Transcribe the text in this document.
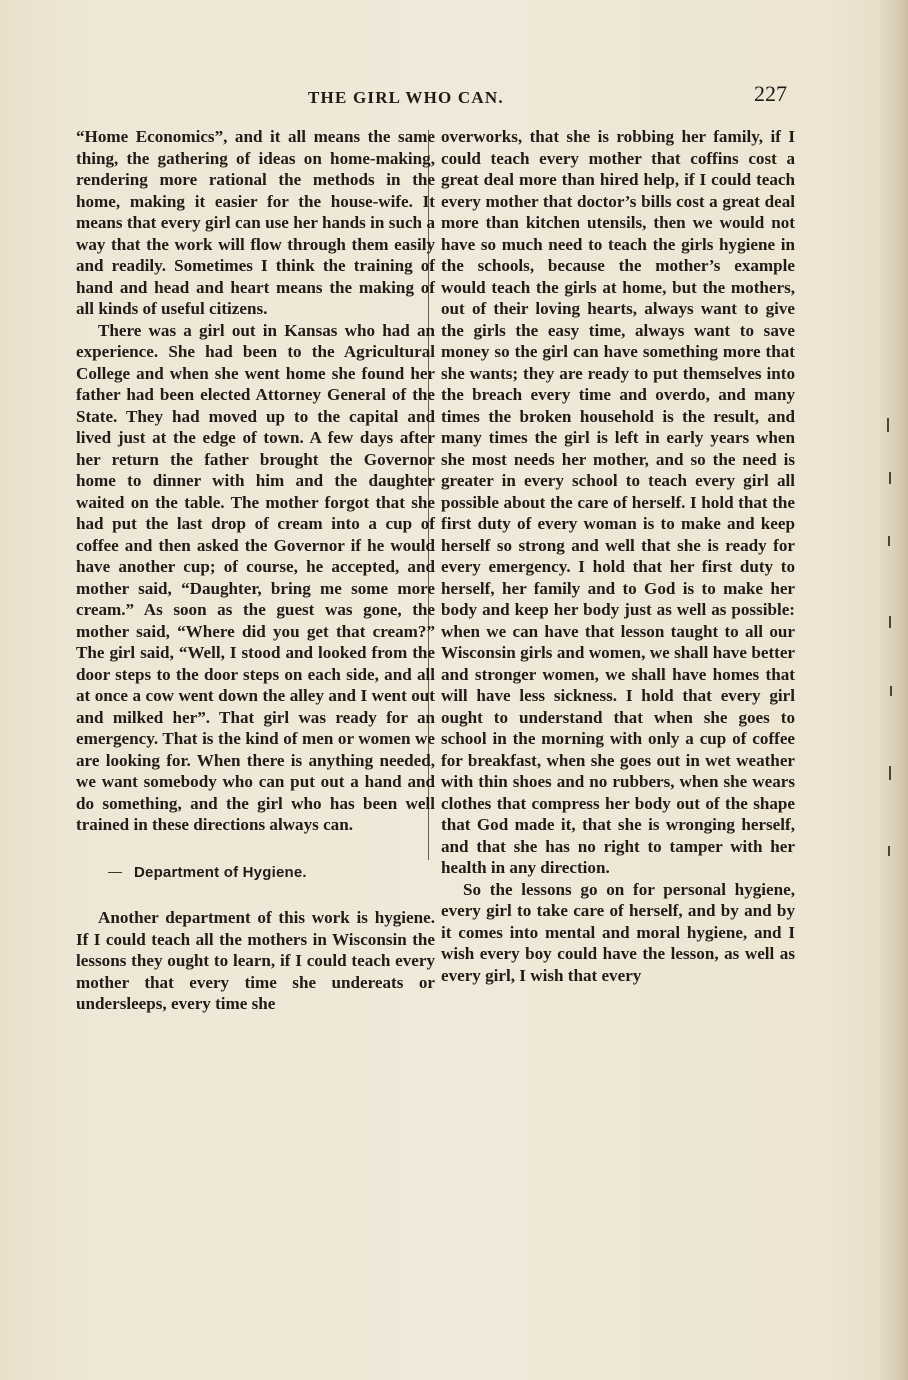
THE GIRL WHO CAN.	227

“Home Economics”, and it all means the same thing, the gathering of ideas on home-making, rendering more rational the methods in the home, making it easier for the house-wife. It means that every girl can use her hands in such a way that the work will flow through them easily and readily. Sometimes I think the training of hand and head and heart means the making of all kinds of useful citizens.

There was a girl out in Kansas who had an experience. She had been to the Agricultural College and when she went home she found her father had been elected Attorney General of the State. They had moved up to the capital and lived just at the edge of town. A few days after her return the father brought the Governor home to dinner with him and the daughter waited on the table. The mother forgot that she had put the last drop of cream into a cup of coffee and then asked the Governor if he would have another cup; of course, he accepted, and mother said, “Daughter, bring me some more cream.” As soon as the guest was gone, the mother said, “Where did you get that cream?” The girl said, “Well, I stood and looked from the door steps to the door steps on each side, and all at once a cow went down the alley and I went out and milked her”. That girl was ready for an emergency. That is the kind of men or women we are looking for. When there is anything needed, we want somebody who can put out a hand and do something, and the girl who has been well trained in these directions always can.

Department of Hygiene.

Another department of this work is hygiene. If I could teach all the mothers in Wisconsin the lessons they ought to learn, if I could teach every mother that every time she undereats or undersleeps, every time she

overworks, that she is robbing her family, if I could teach every mother that coffins cost a great deal more than hired help, if I could teach every mother that doctor’s bills cost a great deal more than kitchen utensils, then we would not have so much need to teach the girls hygiene in the schools, because the mother’s example would teach the girls at home, but the mothers, out of their loving hearts, always want to give the girls the easy time, always want to save money so the girl can have something more that she wants; they are ready to put themselves into the breach every time and overdo, and many times the broken household is the result, and many times the girl is left in early years when she most needs her mother, and so the need is greater in every school to teach every girl all possible about the care of herself. I hold that the first duty of every woman is to make and keep herself so strong and well that she is ready for every emergency. I hold that her first duty to herself, her family and to God is to make her body and keep her body just as well as possible: when we can have that lesson taught to all our Wisconsin girls and women, we shall have better and stronger women, we shall have homes that will have less sickness. I hold that every girl ought to understand that when she goes to school in the morning with only a cup of coffee for breakfast, when she goes out in wet weather with thin shoes and no rubbers, when she wears clothes that compress her body out of the shape that God made it, that she is wronging herself, and that she has no right to tamper with her health in any direction.

So the lessons go on for personal hygiene, every girl to take care of herself, and by and by it comes into mental and moral hygiene, and I wish every boy could have the lesson, as well as every girl, I wish that every
